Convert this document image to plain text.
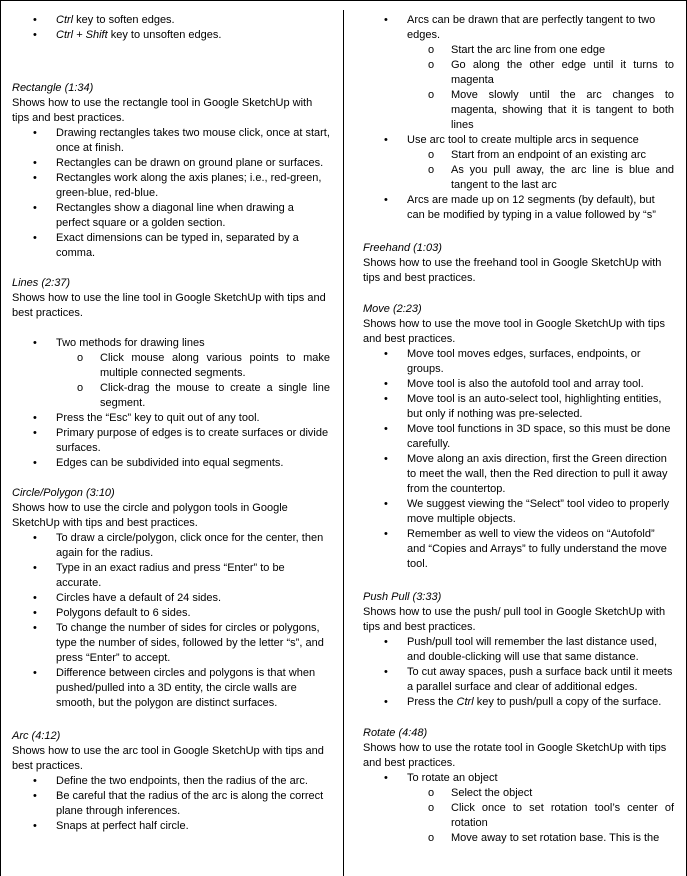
• Ctrl key to soften edges.
• Ctrl + Shift key to unsoften edges.

Rectangle (1:34)

Shows how to use the rectangle tool in Google SketchUp with tips and best practices.

• Drawing rectangles takes two mouse click, once at start, once at finish.
• Rectangles can be drawn on ground plane or surfaces.
• Rectangles work along the axis planes; i.e., red-green, green-blue, red-blue.
• Rectangles show a diagonal line when drawing a perfect square or a golden section.
• Exact dimensions can be typed in, separated by a comma.

Lines (2:37)

Shows how to use the line tool in Google SketchUp with tips and best practices.

• Two methods for drawing lines
o Click mouse along various points to make multiple connected segments.
o Click-drag the mouse to create a single line segment.
• Press the “Esc” key to quit out of any tool.
• Primary purpose of edges is to create surfaces or divide surfaces.
• Edges can be subdivided into equal segments.

Circle/Polygon (3:10)

Shows how to use the circle and polygon tools in Google SketchUp with tips and best practices.

• To draw a circle/polygon, click once for the center, then again for the radius.
• Type in an exact radius and press “Enter” to be accurate.
• Circles have a default of 24 sides.
• Polygons default to 6 sides.
• To change the number of sides for circles or polygons, type the number of sides, followed by the letter “s”, and press “Enter” to accept.
• Difference between circles and polygons is that when pushed/pulled into a 3D entity, the circle walls are smooth, but the polygon are distinct surfaces.

Arc (4:12)

Shows how to use the arc tool in Google SketchUp with tips and best practices.

• Define the two endpoints, then the radius of the arc.
• Be careful that the radius of the arc is along the correct plane through inferences.
• Snaps at perfect half circle.
• Arcs can be drawn that are perfectly tangent to two edges.
o Start the arc line from one edge
o Go along the other edge until it turns to magenta
o Move slowly until the arc changes to magenta, showing that it is tangent to both lines
• Use arc tool to create multiple arcs in sequence
o Start from an endpoint of an existing arc
o As you pull away, the arc line is blue and tangent to the last arc
• Arcs are made up on 12 segments (by default), but can be modified by typing in a value followed by “s”

Freehand (1:03)

Shows how to use the freehand tool in Google SketchUp with tips and best practices.

Move (2:23)

Shows how to use the move tool in Google SketchUp with tips and best practices.

• Move tool moves edges, surfaces, endpoints, or groups.
• Move tool is also the autofold tool and array tool.
• Move tool is an auto-select tool, highlighting entities, but only if nothing was pre-selected.
• Move tool functions in 3D space, so this must be done carefully.
• Move along an axis direction, first the Green direction to meet the wall, then the Red direction to pull it away from the countertop.
• We suggest viewing the “Select” tool video to properly move multiple objects.
• Remember as well to view the videos on “Autofold” and “Copies and Arrays” to fully understand the move tool.

Push Pull (3:33)

Shows how to use the push/ pull tool in Google SketchUp with tips and best practices.

• Push/pull tool will remember the last distance used, and double-clicking will use that same distance.
• To cut away spaces, push a surface back until it meets a parallel surface and clear of additional edges.
• Press the Ctrl key to push/pull a copy of the surface.

Rotate (4:48)

Shows how to use the rotate tool in Google SketchUp with tips and best practices.

• To rotate an object
o Select the object
o Click once to set rotation tool’s center of rotation
o Move away to set rotation base. This is the
